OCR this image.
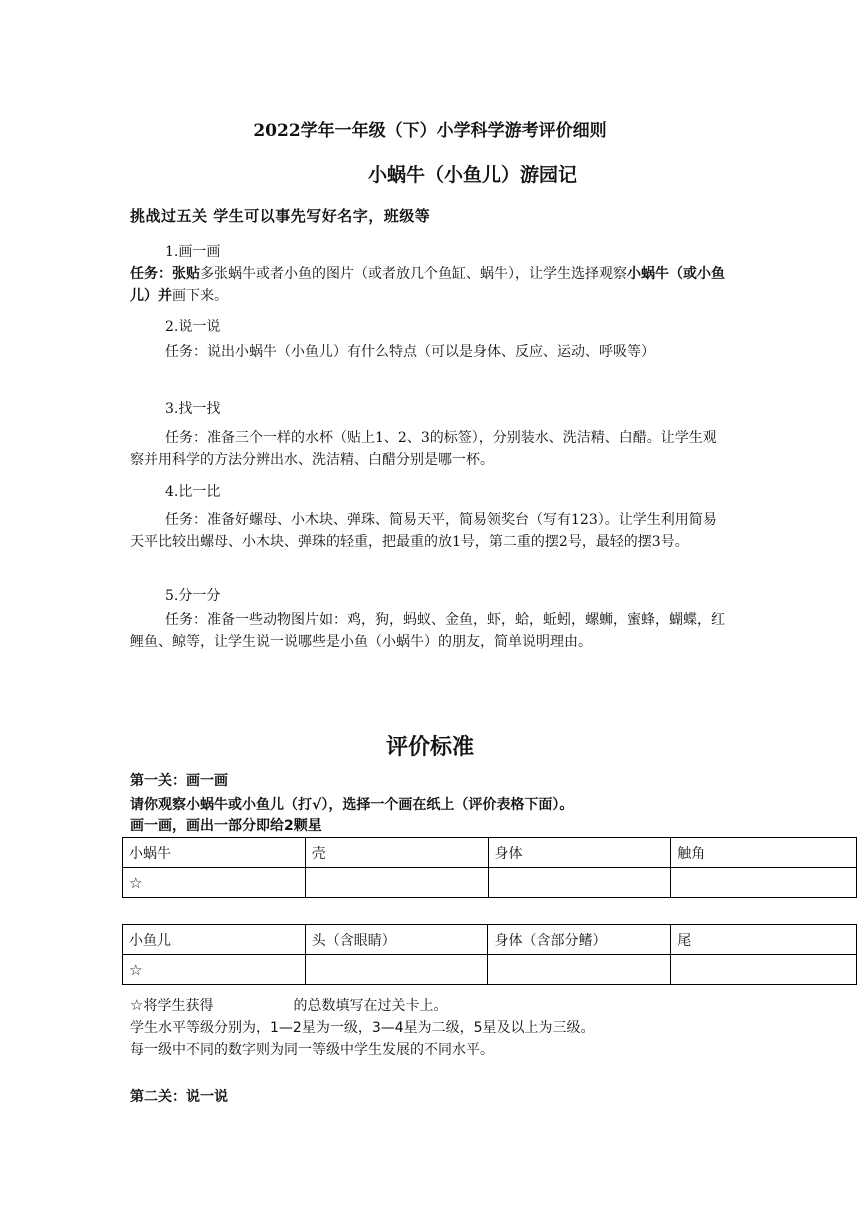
2022学年一年级（下）小学科学游考评价细则
小蜗牛（小鱼儿）游园记
挑战过五关 学生可以事先写好名字，班级等
1.画一画
任务：张贴多张蜗牛或者小鱼的图片（或者放几个鱼缸、蜗牛），让学生选择观察小蜗牛（或小鱼儿）并画下来。
2.说一说
任务：说出小蜗牛（小鱼儿）有什么特点（可以是身体、反应、运动、呼吸等）
3.找一找
任务：准备三个一样的水杯（贴上1、2、3的标签），分别装水、洗洁精、白醋。让学生观察并用科学的方法分辨出水、洗洁精、白醋分别是哪一杯。
4.比一比
任务：准备好螺母、小木块、弹珠、简易天平，简易领奖台（写有123）。让学生利用简易天平比较出螺母、小木块、弹珠的轻重，把最重的放1号，第二重的摆2号，最轻的摆3号。
5.分一分
任务：准备一些动物图片如：鸡，狗，蚂蚁、金鱼，虾，蛤，蚯蚓，螺蛳，蜜蜂，蝴蝶，红鲤鱼、鲸等，让学生说一说哪些是小鱼（小蜗牛）的朋友，简单说明理由。
评价标准
第一关：画一画
请你观察小蜗牛或小鱼儿（打√），选择一个画在纸上（评价表格下面）。
画一画，画出一部分即给2颗星
小蜗牛	壳	身体	触角
☆			
小鱼儿	头（含眼睛）	身体（含部分鳍）	尾
☆			
☆将学生获得	的总数填写在过关卡上。
学生水平等级分别为，1—2星为一级，3—4星为二级，5星及以上为三级。
每一级中不同的数字则为同一等级中学生发展的不同水平。
第二关：说一说
